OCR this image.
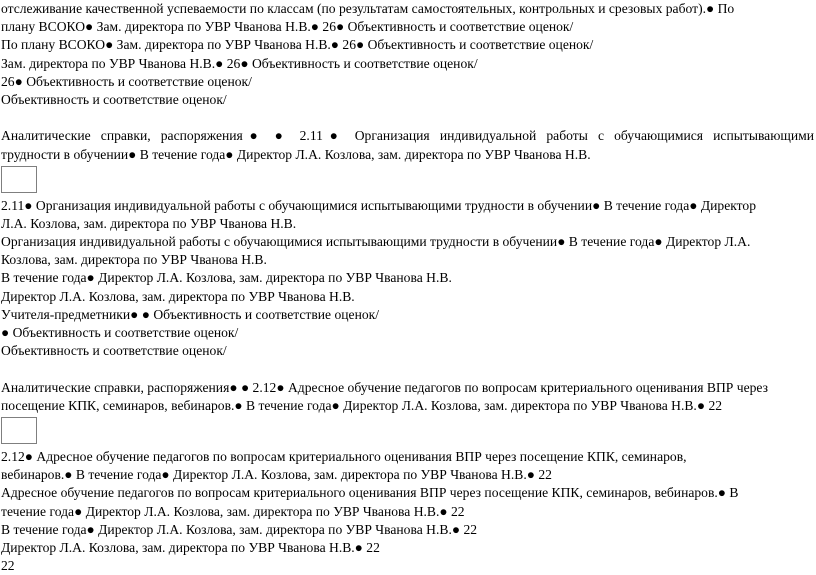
отслеживание качественной успеваемости по классам (по результатам самостоятельных, контрольных и срезовых работ).● По
плану ВСОКО● Зам. директора по УВР Чванова Н.В.● 26● Объективность и соответствие оценок/
По плану ВСОКО● Зам. директора по УВР Чванова Н.В.● 26● Объективность и соответствие оценок/
Зам. директора по УВР Чванова Н.В.● 26● Объективность и соответствие оценок/
26● Объективность и соответствие оценок/
Объективность и соответствие оценок/
Аналитические справки, распоряжения● ● 2.11● Организация индивидуальной работы с обучающимися испытывающими
трудности в обучении● В течение года● Директор Л.А. Козлова, зам. директора по УВР Чванова Н.В.
2.11● Организация индивидуальной работы с обучающимися испытывающими трудности в обучении● В течение года● Директор
Л.А. Козлова, зам. директора по УВР Чванова Н.В.
Организация индивидуальной работы с обучающимися испытывающими трудности в обучении● В течение года● Директор Л.А.
Козлова, зам. директора по УВР Чванова Н.В.
В течение года● Директор Л.А. Козлова, зам. директора по УВР Чванова Н.В.
Директор Л.А. Козлова, зам. директора по УВР Чванова Н.В.
Учителя-предметники● ● Объективность и соответствие оценок/
● Объективность и соответствие оценок/
Объективность и соответствие оценок/
Аналитические справки, распоряжения● ● 2.12● Адресное обучение педагогов по вопросам критериального оценивания ВПР через
посещение КПК, семинаров, вебинаров.● В течение года● Директор Л.А. Козлова, зам. директора по УВР Чванова Н.В.● 22
2.12● Адресное обучение педагогов по вопросам критериального оценивания ВПР через посещение КПК, семинаров,
вебинаров.● В течение года● Директор Л.А. Козлова, зам. директора по УВР Чванова Н.В.● 22
Адресное обучение педагогов по вопросам критериального оценивания ВПР через посещение КПК, семинаров, вебинаров.● В
течение года● Директор Л.А. Козлова, зам. директора по УВР Чванова Н.В.● 22
В течение года● Директор Л.А. Козлова, зам. директора по УВР Чванова Н.В.● 22
Директор Л.А. Козлова, зам. директора по УВР Чванова Н.В.● 22
22
